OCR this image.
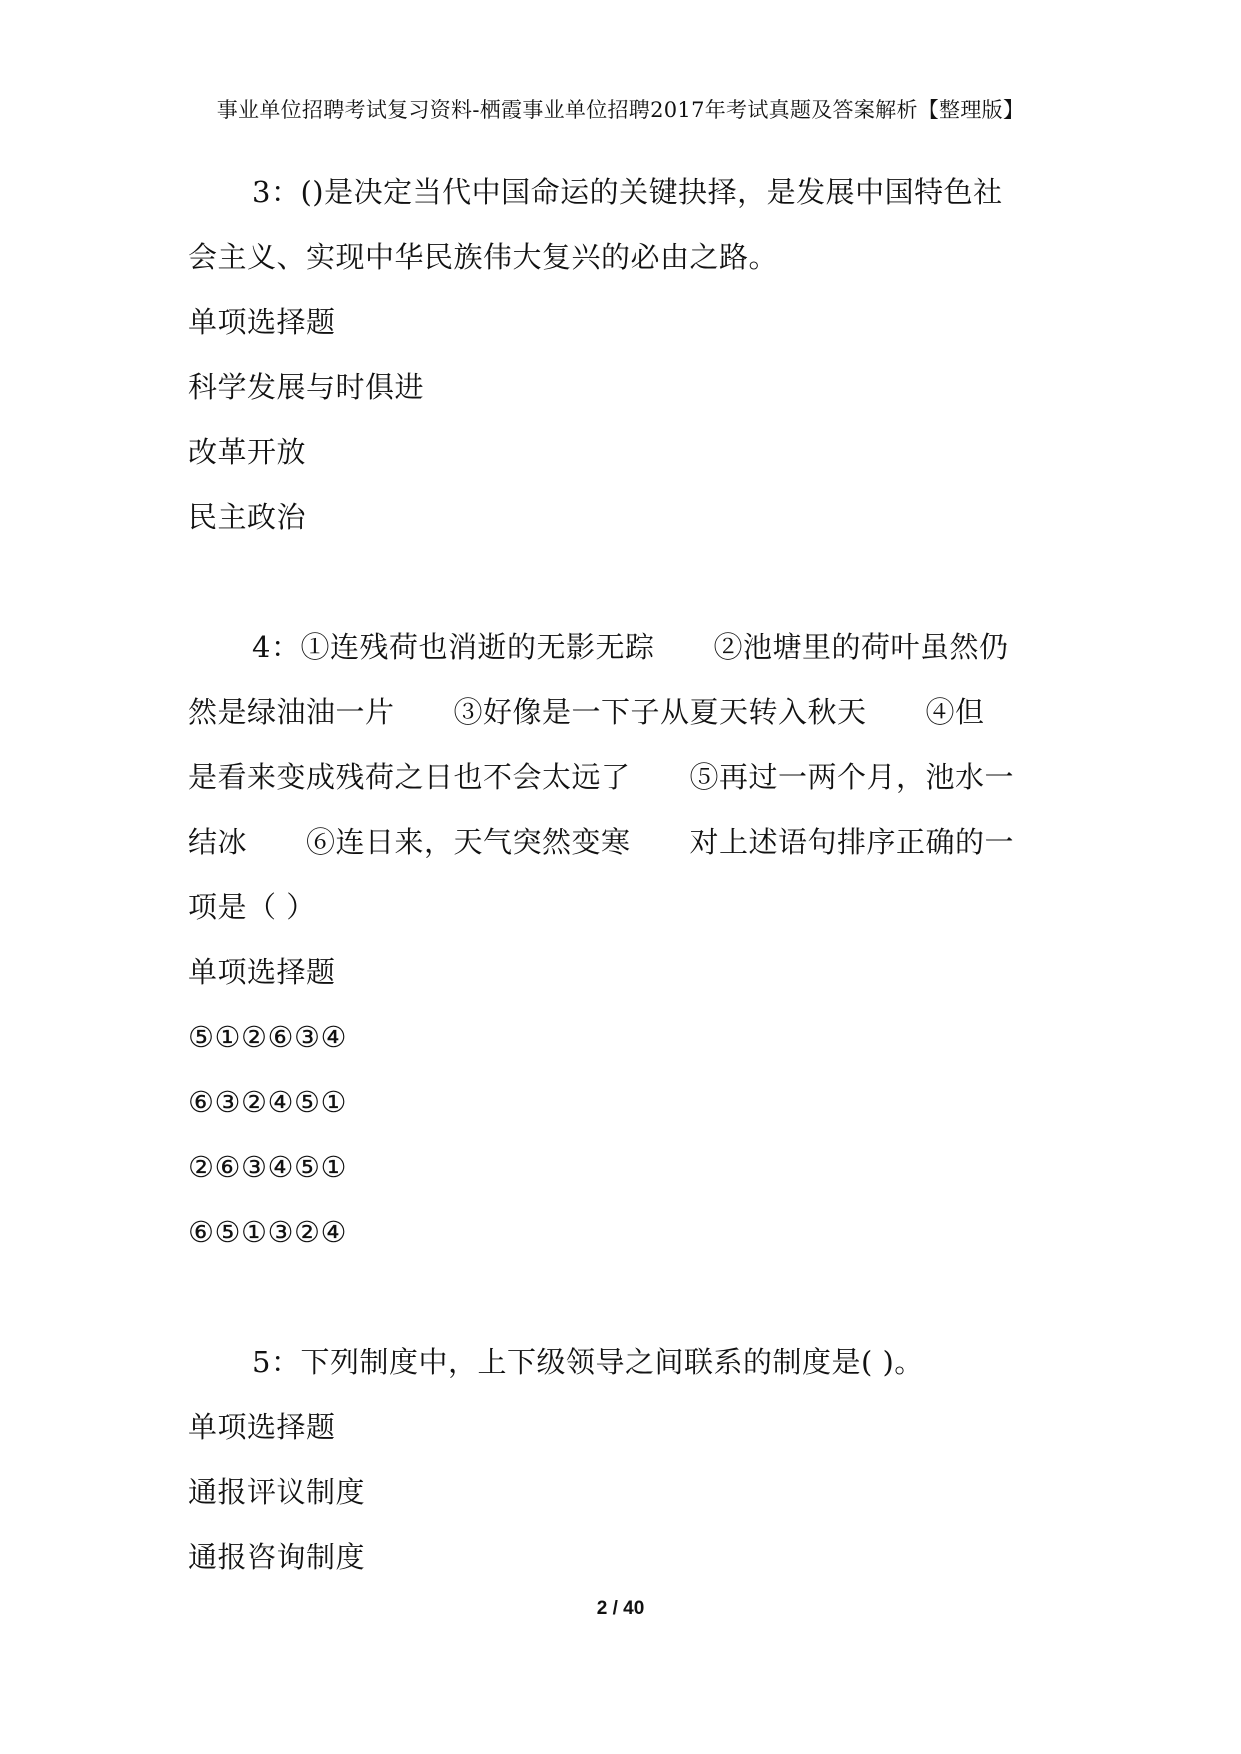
事业单位招聘考试复习资料-栖霞事业单位招聘2017年考试真题及答案解析【整理版】
3：()是决定当代中国命运的关键抉择，是发展中国特色社
会主义、实现中华民族伟大复兴的必由之路。
单项选择题
科学发展与时俱进
改革开放
民主政治
4：①连残荷也消逝的无影无踪　　②池塘里的荷叶虽然仍
然是绿油油一片　　③好像是一下子从夏天转入秋天　　④但
是看来变成残荷之日也不会太远了　　⑤再过一两个月，池水一
结冰　　⑥连日来，天气突然变寒　　对上述语句排序正确的一
项是（ ）
单项选择题
⑤①②⑥③④
⑥③②④⑤①
②⑥③④⑤①
⑥⑤①③②④
5：下列制度中，上下级领导之间联系的制度是( )。
单项选择题
通报评议制度
通报咨询制度
2 / 40
